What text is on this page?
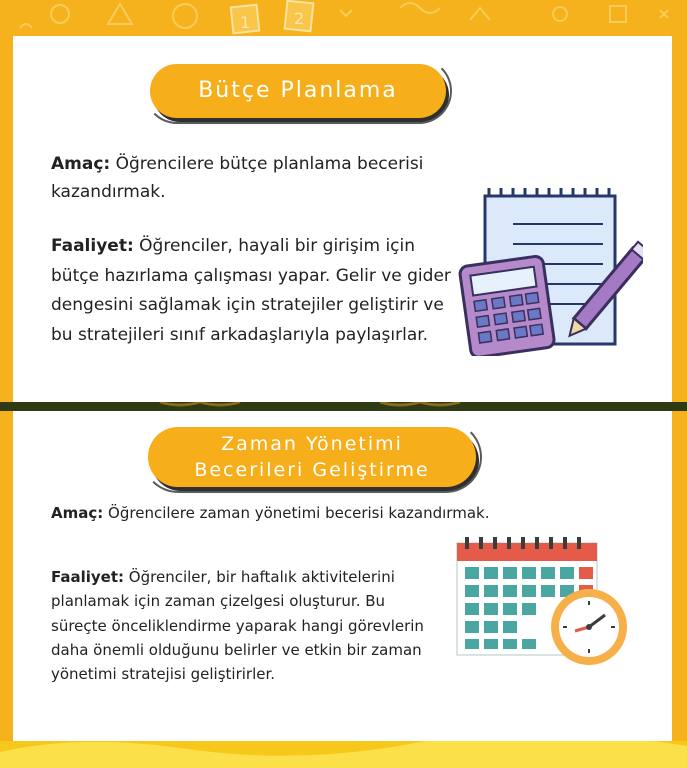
1	2
Bütçe Planlama
Amaç: Öğrencilere bütçe planlama becerisi kazandırmak.
Faaliyet: Öğrenciler, hayali bir girişim için bütçe hazırlama çalışması yapar. Gelir ve gider dengesini sağlamak için stratejiler geliştirir ve bu stratejileri sınıf arkadaşlarıyla paylaşırlar.
Zaman Yönetimi
Becerileri Geliştirme
Amaç: Öğrencilere zaman yönetimi becerisi kazandırmak.
Faaliyet: Öğrenciler, bir haftalık aktivitelerini planlamak için zaman çizelgesi oluşturur. Bu süreçte önceliklendirme yaparak hangi görevlerin daha önemli olduğunu belirler ve etkin bir zaman yönetimi stratejisi geliştirirler.
